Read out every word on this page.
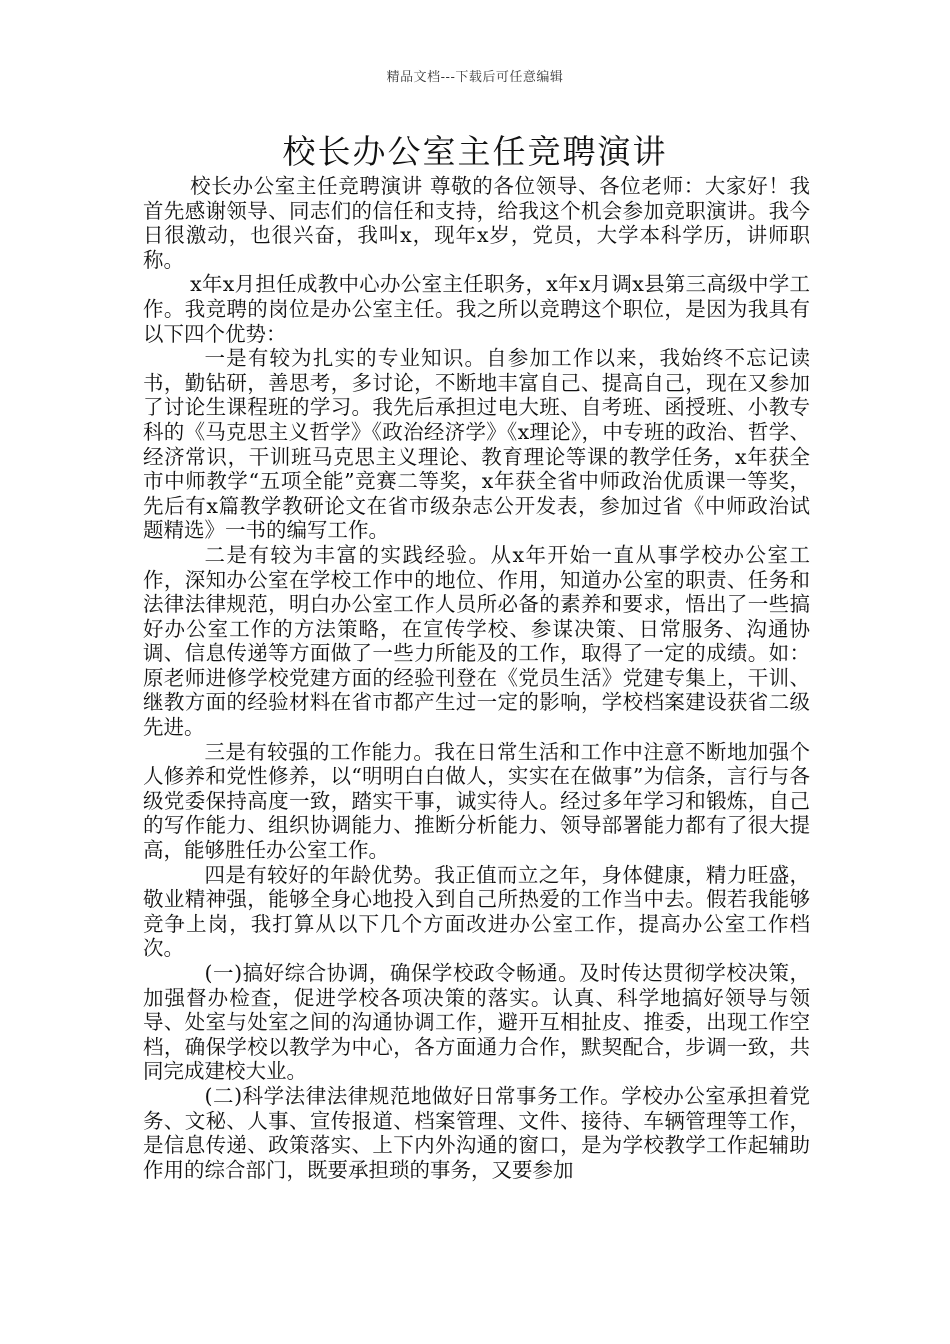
精品文档---下载后可任意编辑
校长办公室主任竞聘演讲

校长办公室主任竞聘演讲 尊敬的各位领导、各位老师：大家好！我首先感谢领导、同志们的信任和支持，给我这个机会参加竞职演讲。我今日很激动，也很兴奋，我叫x，现年x岁，党员，大学本科学历，讲师职称。

x年x月担任成教中心办公室主任职务，x年x月调x县第三高级中学工作。我竞聘的岗位是办公室主任。我之所以竞聘这个职位，是因为我具有以下四个优势：

一是有较为扎实的专业知识。自参加工作以来，我始终不忘记读书，勤钻研，善思考，多讨论，不断地丰富自己、提高自己，现在又参加了讨论生课程班的学习。我先后承担过电大班、自考班、函授班、小教专科的《马克思主义哲学》《政治经济学》《x理论》，中专班的政治、哲学、经济常识，干训班马克思主义理论、教育理论等课的教学任务，x年获全市中师教学“五项全能”竞赛二等奖，x年获全省中师政治优质课一等奖，先后有x篇教学教研论文在省市级杂志公开发表，参加过省《中师政治试题精选》一书的编写工作。

二是有较为丰富的实践经验。从x年开始一直从事学校办公室工作，深知办公室在学校工作中的地位、作用，知道办公室的职责、任务和法律法律规范，明白办公室工作人员所必备的素养和要求，悟出了一些搞好办公室工作的方法策略，在宣传学校、参谋决策、日常服务、沟通协调、信息传递等方面做了一些力所能及的工作，取得了一定的成绩。如：原老师进修学校党建方面的经验刊登在《党员生活》党建专集上，干训、继教方面的经验材料在省市都产生过一定的影响，学校档案建设获省二级先进。

三是有较强的工作能力。我在日常生活和工作中注意不断地加强个人修养和党性修养，以“明明白白做人，实实在在做事”为信条，言行与各级党委保持高度一致，踏实干事，诚实待人。经过多年学习和锻炼，自己的写作能力、组织协调能力、推断分析能力、领导部署能力都有了很大提高，能够胜任办公室工作。

四是有较好的年龄优势。我正值而立之年，身体健康，精力旺盛，敬业精神强，能够全身心地投入到自己所热爱的工作当中去。假若我能够竞争上岗，我打算从以下几个方面改进办公室工作，提高办公室工作档次。

(一)搞好综合协调，确保学校政令畅通。及时传达贯彻学校决策，加强督办检查，促进学校各项决策的落实。认真、科学地搞好领导与领导、处室与处室之间的沟通协调工作，避开互相扯皮、推委，出现工作空档，确保学校以教学为中心，各方面通力合作，默契配合，步调一致，共同完成建校大业。

(二)科学法律法律规范地做好日常事务工作。学校办公室承担着党务、文秘、人事、宣传报道、档案管理、文件、接待、车辆管理等工作，是信息传递、政策落实、上下内外沟通的窗口，是为学校教学工作起辅助作用的综合部门，既要承担琐的事务，又要参加
